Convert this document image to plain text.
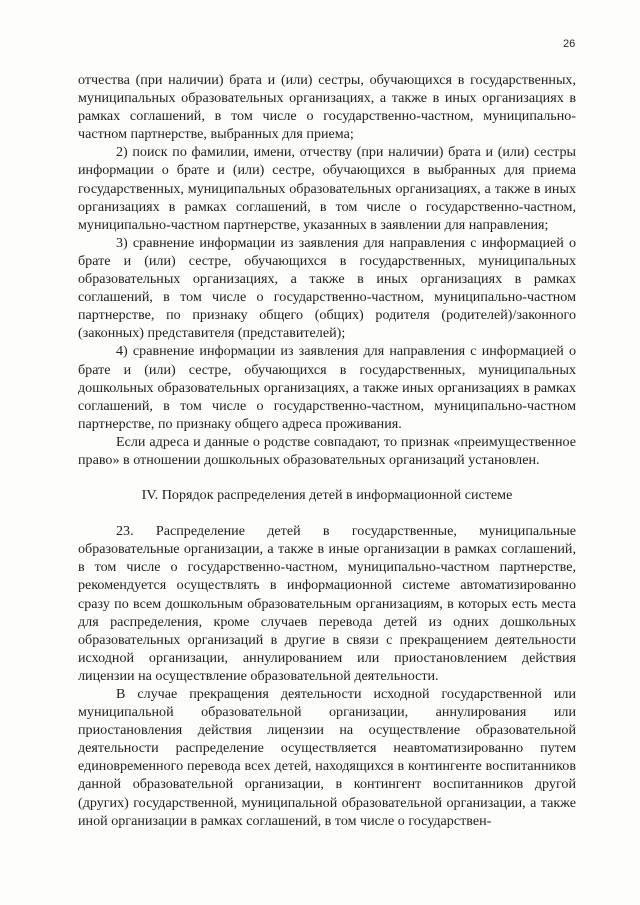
26

отчества (при наличии) брата и (или) сестры, обучающихся в государственных, муниципальных образовательных организациях, а также в иных организациях в рамках соглашений, в том числе о государственно-частном, муниципально-частном партнерстве, выбранных для приема;

2) поиск по фамилии, имени, отчеству (при наличии) брата и (или) сестры информации о брате и (или) сестре, обучающихся в выбранных для приема государственных, муниципальных образовательных организациях, а также в иных организациях в рамках соглашений, в том числе о государственно-частном, муниципально-частном партнерстве, указанных в заявлении для направления;

3) сравнение информации из заявления для направления с информацией о брате и (или) сестре, обучающихся в государственных, муниципальных образовательных организациях, а также в иных организациях в рамках соглашений, в том числе о государственно-частном, муниципально-частном партнерстве, по признаку общего (общих) родителя (родителей)/законного (законных) представителя (представителей);

4) сравнение информации из заявления для направления с информацией о брате и (или) сестре, обучающихся в государственных, муниципальных дошкольных образовательных организациях, а также иных организациях в рамках соглашений, в том числе о государственно-частном, муниципально-частном партнерстве, по признаку общего адреса проживания.

Если адреса и данные о родстве совпадают, то признак «преимущественное право» в отношении дошкольных образовательных организаций установлен.

IV. Порядок распределения детей в информационной системе

23. Распределение детей в государственные, муниципальные образовательные организации, а также в иные организации в рамках соглашений, в том числе о государственно-частном, муниципально-частном партнерстве, рекомендуется осуществлять в информационной системе автоматизированно сразу по всем дошкольным образовательным организациям, в которых есть места для распределения, кроме случаев перевода детей из одних дошкольных образовательных организаций в другие в связи с прекращением деятельности исходной организации, аннулированием или приостановлением действия лицензии на осуществление образовательной деятельности.

В случае прекращения деятельности исходной государственной или муниципальной образовательной организации, аннулирования или приостановления действия лицензии на осуществление образовательной деятельности распределение осуществляется неавтоматизированно путем единовременного перевода всех детей, находящихся в контингенте воспитанников данной образовательной организации, в контингент воспитанников другой (других) государственной, муниципальной образовательной организации, а также иной организации в рамках соглашений, в том числе о государствен-
